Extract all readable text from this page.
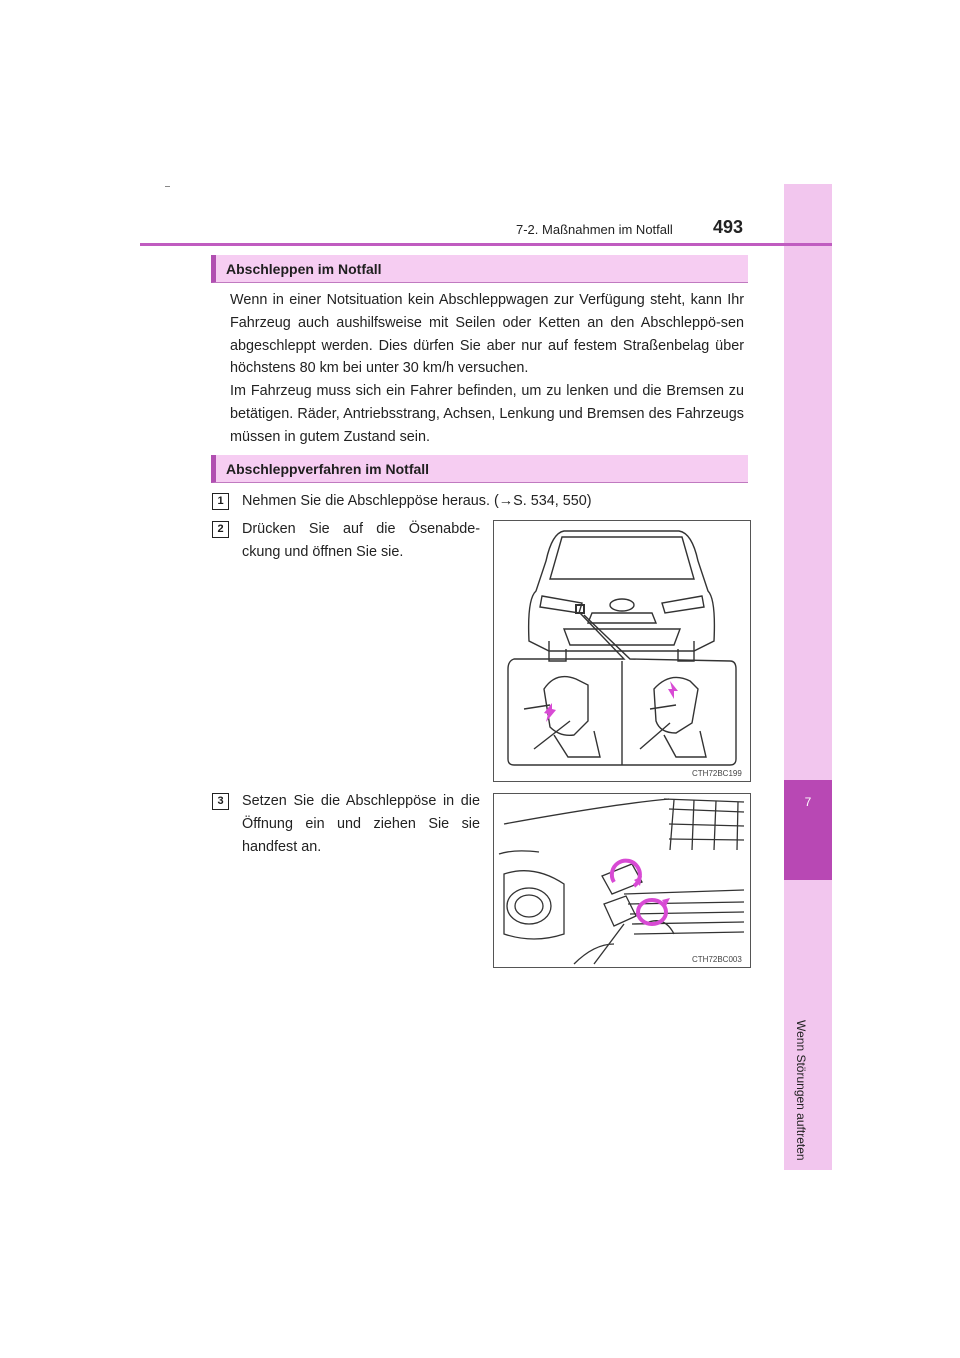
7
Wenn Störungen auftreten
7-2. Maßnahmen im Notfall 493
Abschleppen im Notfall
Wenn in einer Notsituation kein Abschleppwagen zur Verfügung steht, kann Ihr Fahrzeug auch aushilfsweise mit Seilen oder Ketten an den Abschleppö-sen abgeschleppt werden. Dies dürfen Sie aber nur auf festem Straßenbelag über höchstens 80 km bei unter 30 km/h versuchen.
Im Fahrzeug muss sich ein Fahrer befinden, um zu lenken und die Bremsen zu betätigen. Räder, Antriebsstrang, Achsen, Lenkung und Bremsen des Fahrzeugs müssen in gutem Zustand sein.
Abschleppverfahren im Notfall
1	Nehmen Sie die Abschleppöse heraus. (→S. 534, 550)
2	Drücken Sie auf die Ösenabde-ckung und öffnen Sie sie.
3	Setzen Sie die Abschleppöse in die Öffnung ein und ziehen Sie sie handfest an.
CTH72BC199
CTH72BC003
